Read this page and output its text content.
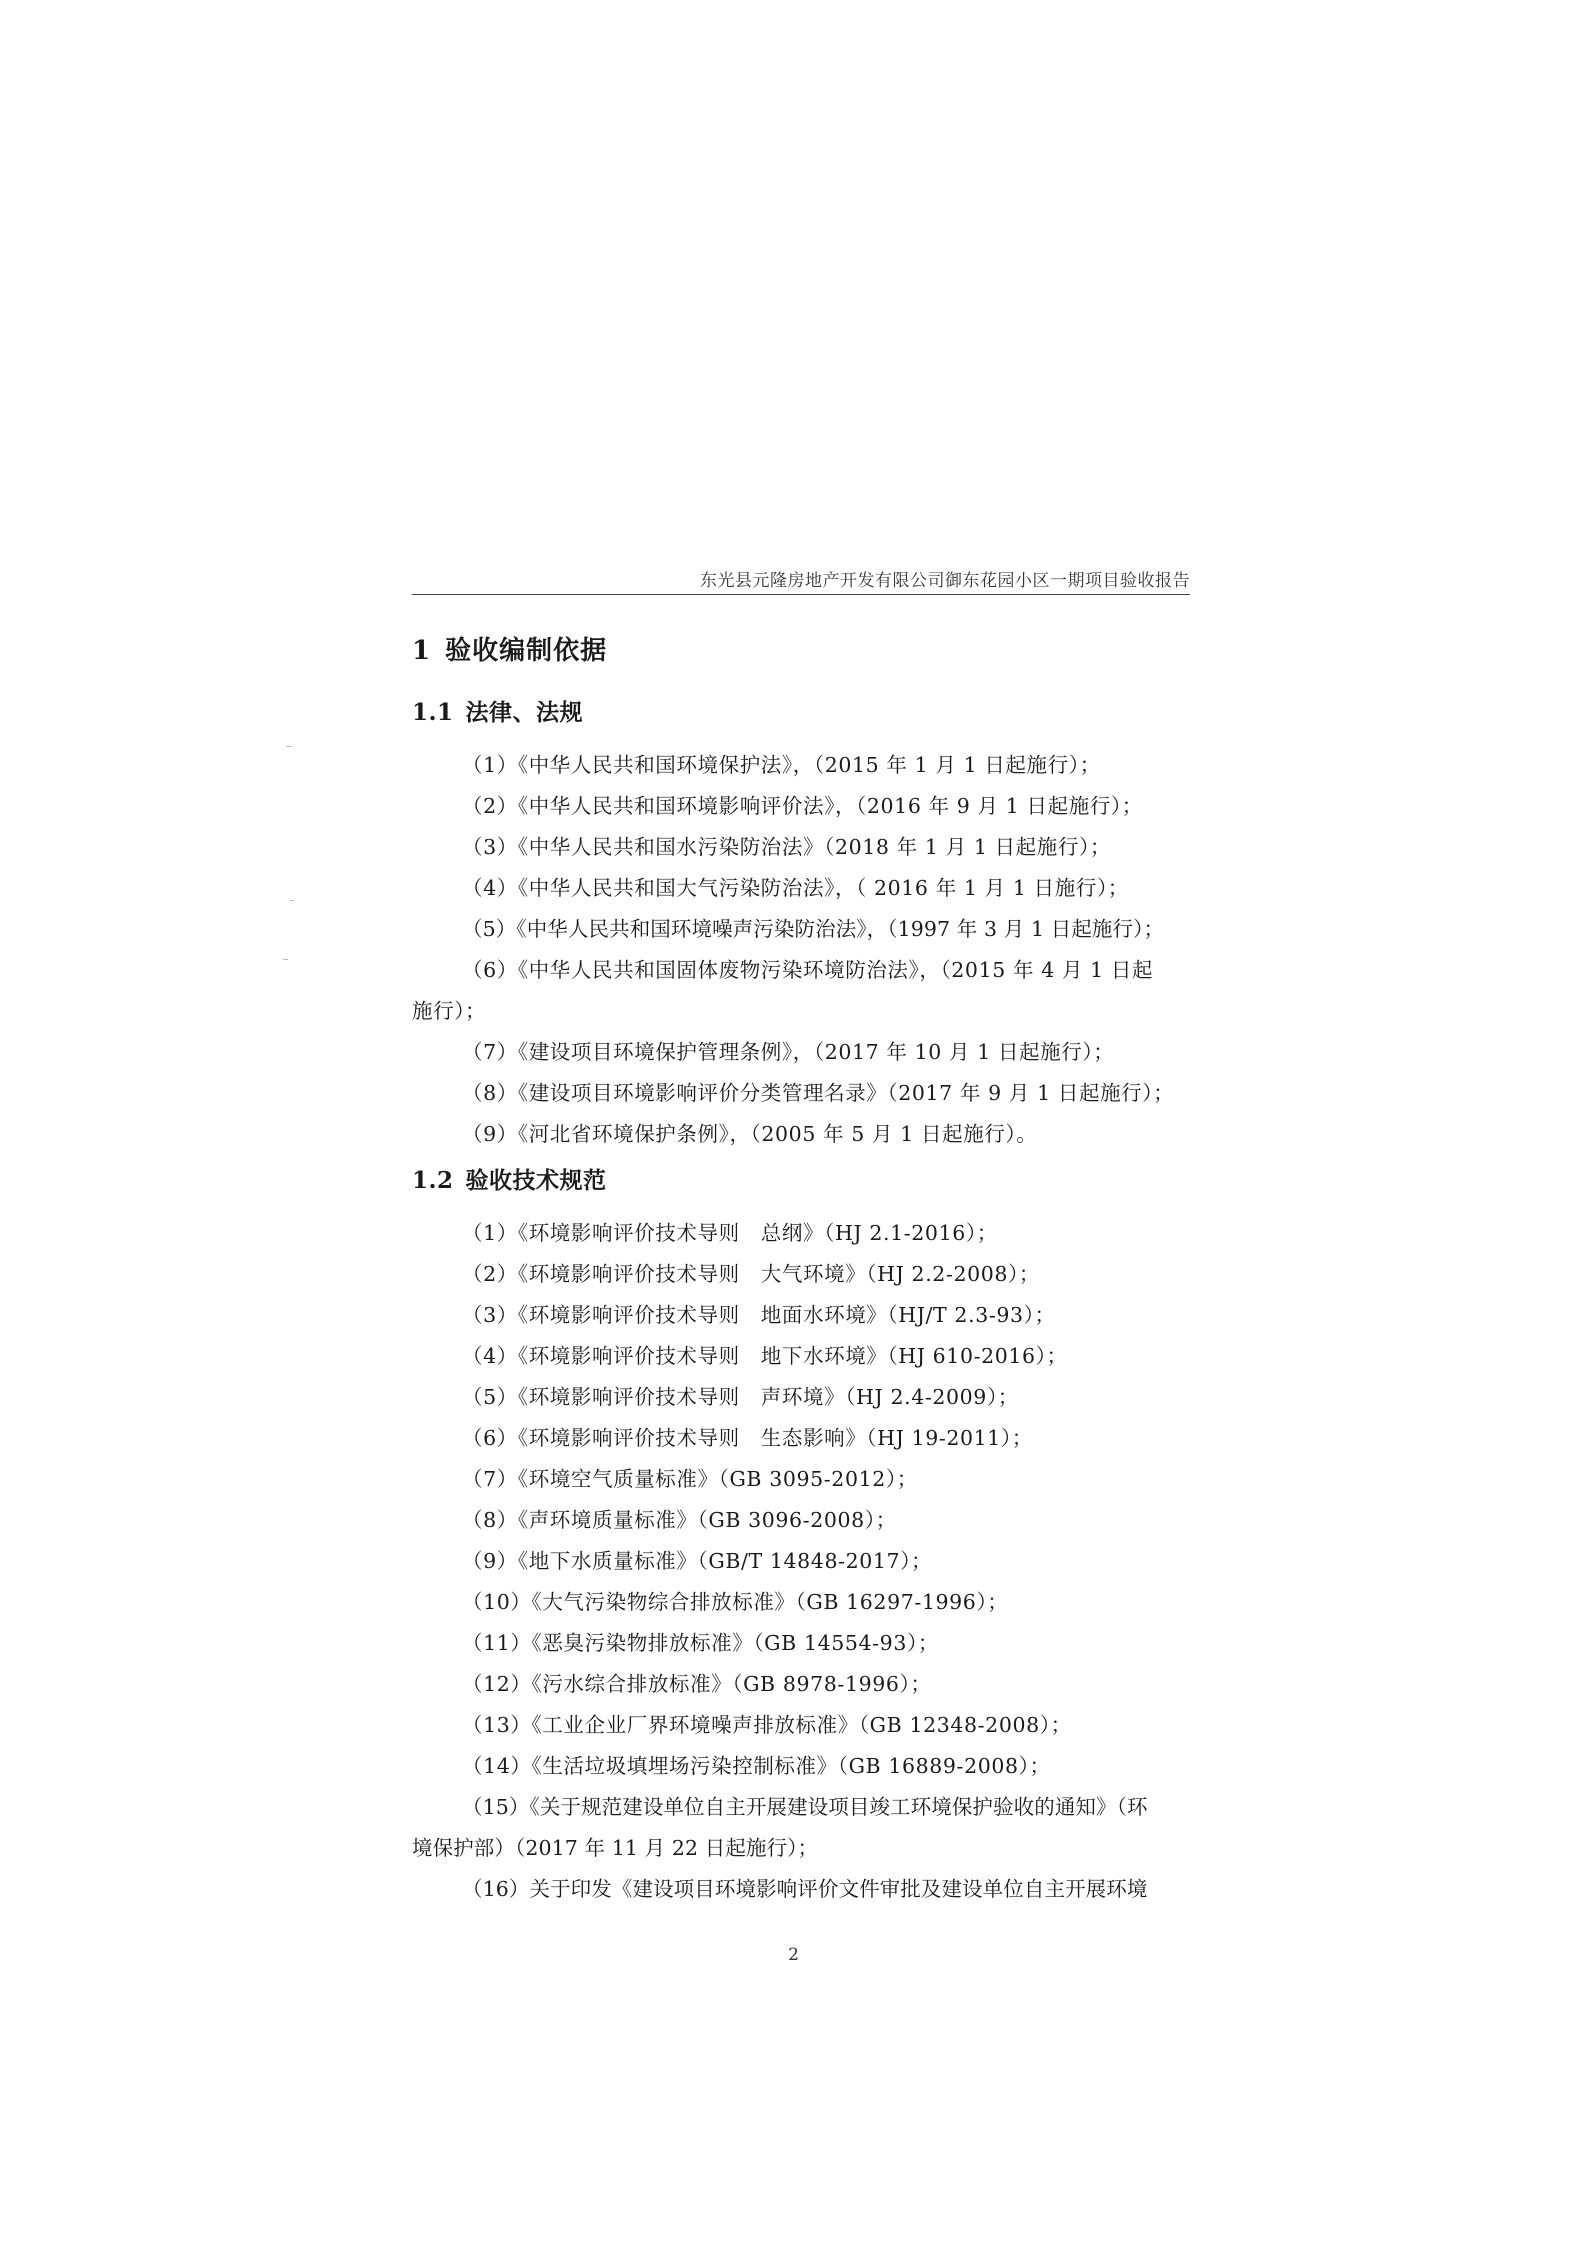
东光县元隆房地产开发有限公司御东花园小区一期项目验收报告
1 验收编制依据
1.1 法律、法规
（1）《中华人民共和国环境保护法》，（2015 年 1 月 1 日起施行）；
（2）《中华人民共和国环境影响评价法》，（2016 年 9 月 1 日起施行）；
（3）《中华人民共和国水污染防治法》（2018 年 1 月 1 日起施行）；
（4）《中华人民共和国大气污染防治法》，（ 2016 年 1 月 1 日施行）；
（5）《中华人民共和国环境噪声污染防治法》，（1997 年 3 月 1 日起施行）；
（6）《中华人民共和国固体废物污染环境防治法》，（2015 年 4 月 1 日起
施行）；
（7）《建设项目环境保护管理条例》，（2017 年 10 月 1 日起施行）；
（8）《建设项目环境影响评价分类管理名录》（2017 年 9 月 1 日起施行）；
（9）《河北省环境保护条例》，（2005 年 5 月 1 日起施行）。
1.2 验收技术规范
（1）《环境影响评价技术导则　总纲》（HJ 2.1-2016）；
（2）《环境影响评价技术导则　大气环境》（HJ 2.2-2008）；
（3）《环境影响评价技术导则　地面水环境》（HJ/T 2.3-93）；
（4）《环境影响评价技术导则　地下水环境》（HJ 610-2016）；
（5）《环境影响评价技术导则　声环境》（HJ 2.4-2009）；
（6）《环境影响评价技术导则　生态影响》（HJ 19-2011）；
（7）《环境空气质量标准》（GB 3095-2012）；
（8）《声环境质量标准》（GB 3096-2008）；
（9）《地下水质量标准》（GB/T 14848-2017）；
（10）《大气污染物综合排放标准》（GB 16297-1996）；
（11）《恶臭污染物排放标准》（GB 14554-93）；
（12）《污水综合排放标准》（GB 8978-1996）；
（13）《工业企业厂界环境噪声排放标准》（GB 12348-2008）；
（14）《生活垃圾填埋场污染控制标准》（GB 16889-2008）；
（15）《关于规范建设单位自主开展建设项目竣工环境保护验收的通知》（环
境保护部）（2017 年 11 月 22 日起施行）；
（16）关于印发《建设项目环境影响评价文件审批及建设单位自主开展环境
2
